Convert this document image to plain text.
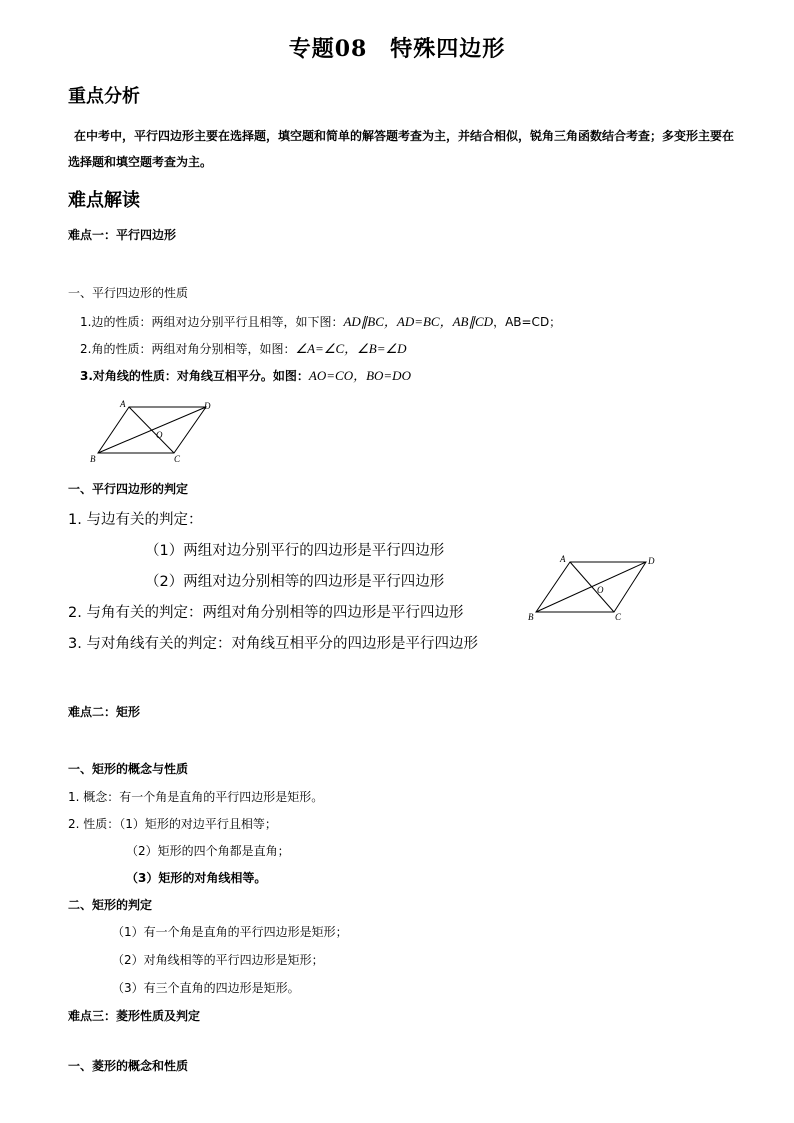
专题08　特殊四边形
重点分析
在中考中，平行四边形主要在选择题，填空题和简单的解答题考查为主，并结合相似，锐角三角函数结合考查；多变形主要在选择题和填空题考查为主。
难点解读
难点一：平行四边形
一、平行四边形的性质
1.边的性质：两组对边分别平行且相等，如下图：AD∥BC，AD=BC，AB∥CD，AB=CD；
2.角的性质：两组对角分别相等，如图：∠A=∠C，∠B=∠D
3.对角线的性质：对角线互相平分。如图：AO=CO，BO=DO
A	D
B	C
O
一、平行四边形的判定
1. 与边有关的判定：
（1）两组对边分别平行的四边形是平行四边形
（2）两组对边分别相等的四边形是平行四边形
2. 与角有关的判定：两组对角分别相等的四边形是平行四边形
3. 与对角线有关的判定：对角线互相平分的四边形是平行四边形
A	D
B	C
O
难点二：矩形
一、矩形的概念与性质
1. 概念：有一个角是直角的平行四边形是矩形。
2. 性质：（1）矩形的对边平行且相等；
（2）矩形的四个角都是直角；
（3）矩形的对角线相等。
二、矩形的判定
（1）有一个角是直角的平行四边形是矩形；
（2）对角线相等的平行四边形是矩形；
（3）有三个直角的四边形是矩形。
难点三：菱形性质及判定
一、菱形的概念和性质
